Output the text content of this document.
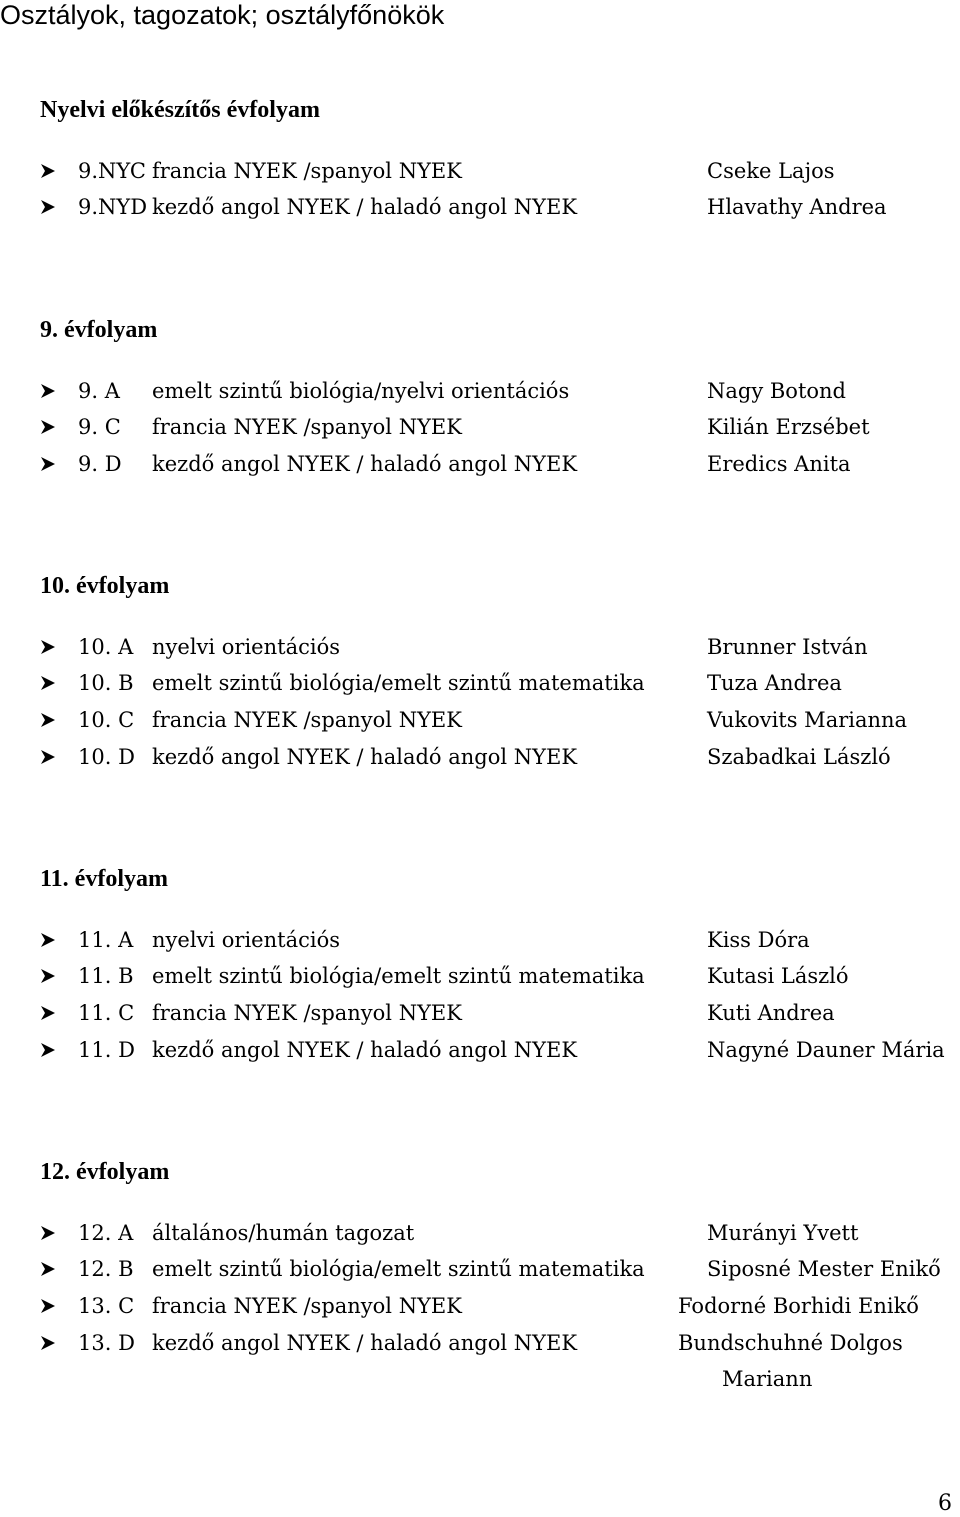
Osztályok, tagozatok; osztályfőnökök
Nyelvi előkészítős évfolyam
9.NYC francia NYEK /spanyol NYEK	Cseke Lajos
9.NYD kezdő angol NYEK / haladó angol NYEK	Hlavathy Andrea
9. évfolyam
9. A emelt szintű biológia/nyelvi orientációs	Nagy Botond
9. C francia NYEK /spanyol NYEK	Kilián Erzsébet
9. D kezdő angol NYEK / haladó angol NYEK	Eredics Anita
10. évfolyam
10. A nyelvi orientációs	Brunner István
10. B emelt szintű biológia/emelt szintű matematika	Tuza Andrea
10. C francia NYEK /spanyol NYEK	Vukovits Marianna
10. D kezdő angol NYEK / haladó angol NYEK	Szabadkai László
11. évfolyam
11. A nyelvi orientációs	Kiss Dóra
11. B emelt szintű biológia/emelt szintű matematika	Kutasi László
11. C francia NYEK /spanyol NYEK	Kuti Andrea
11. D kezdő angol NYEK / haladó angol NYEK	Nagyné Dauner Mária
12. évfolyam
12. A általános/humán tagozat	Murányi Yvett
12. B emelt szintű biológia/emelt szintű matematika	Siposné Mester Enikő
13. C francia NYEK /spanyol NYEK	Fodorné Borhidi Enikő
13. D kezdő angol NYEK / haladó angol NYEK	Bundschuhné Dolgos
Mariann
6
